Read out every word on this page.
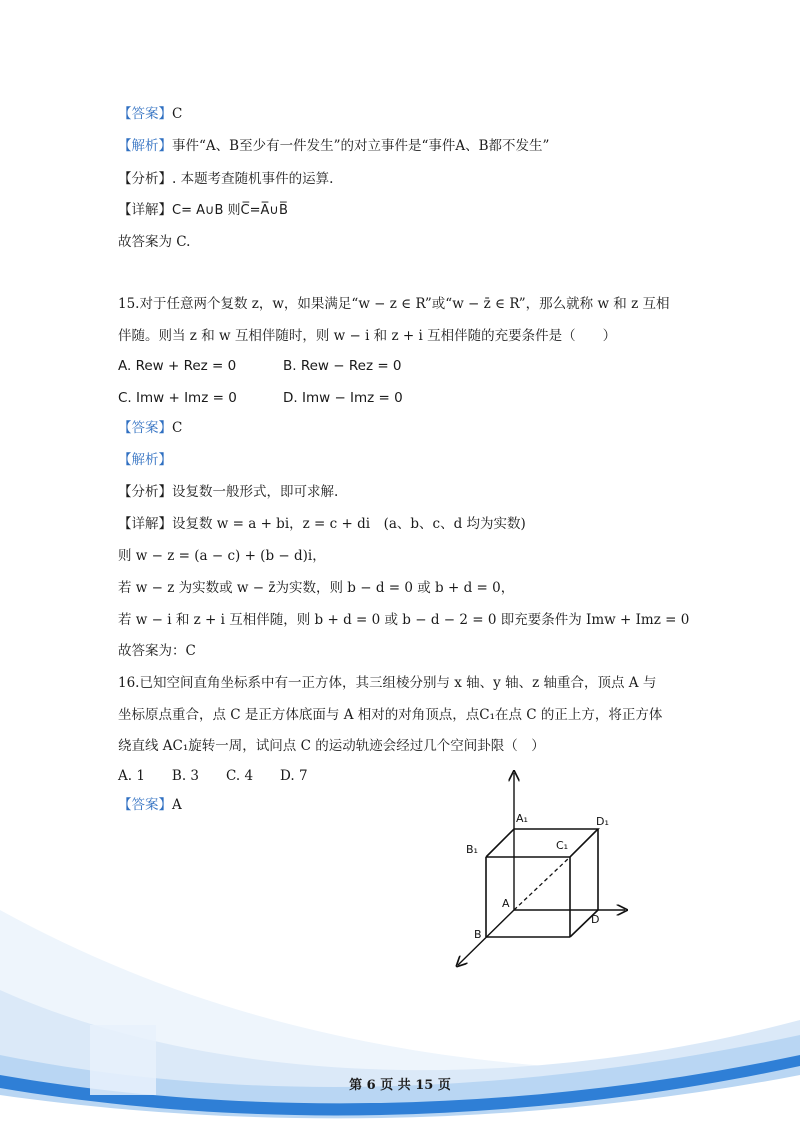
【答案】C
【解析】事件“A、B至少有一件发生”的对立事件是“事件A、B都不发生”
【分析】. 本题考查随机事件的运算.
【详解】C= A∪B 则C̅=A̅∪B̅
故答案为 C.
15.对于任意两个复数 z，w，如果满足“w − z ∈ R”或“w − z̄ ∈ R”，那么就称 w 和 z 互相
伴随。则当 z 和 w 互相伴随时，则 w − i 和 z + i 互相伴随的充要条件是（　　）
A. Rew + Rez = 0	B. Rew − Rez = 0
C. Imw + Imz = 0	D. Imw − Imz = 0
【答案】C
【解析】
【分析】设复数一般形式，即可求解.
【详解】设复数 w = a + bi，z = c + di　(a、b、c、d 均为实数)
则 w − z = (a − c) + (b − d)i，
若 w − z 为实数或 w − z̄为实数，则 b − d = 0 或 b + d = 0，
若 w − i 和 z + i 互相伴随，则 b + d = 0 或 b − d − 2 = 0 即充要条件为 Imw + Imz = 0
故答案为：C
16.已知空间直角坐标系中有一正方体，其三组棱分别与 x 轴、y 轴、z 轴重合，顶点 A 与
坐标原点重合，点 C 是正方体底面与 A 相对的对角顶点，点C₁在点 C 的正上方，将正方体
绕直线 AC₁旋转一周，试问点 C 的运动轨迹会经过几个空间卦限（　）
A. 1　　B. 3　　C. 4　　D. 7
【答案】A
A₁	D₁
B₁	C₁
A
B
D
第 6 页 共 15 页
